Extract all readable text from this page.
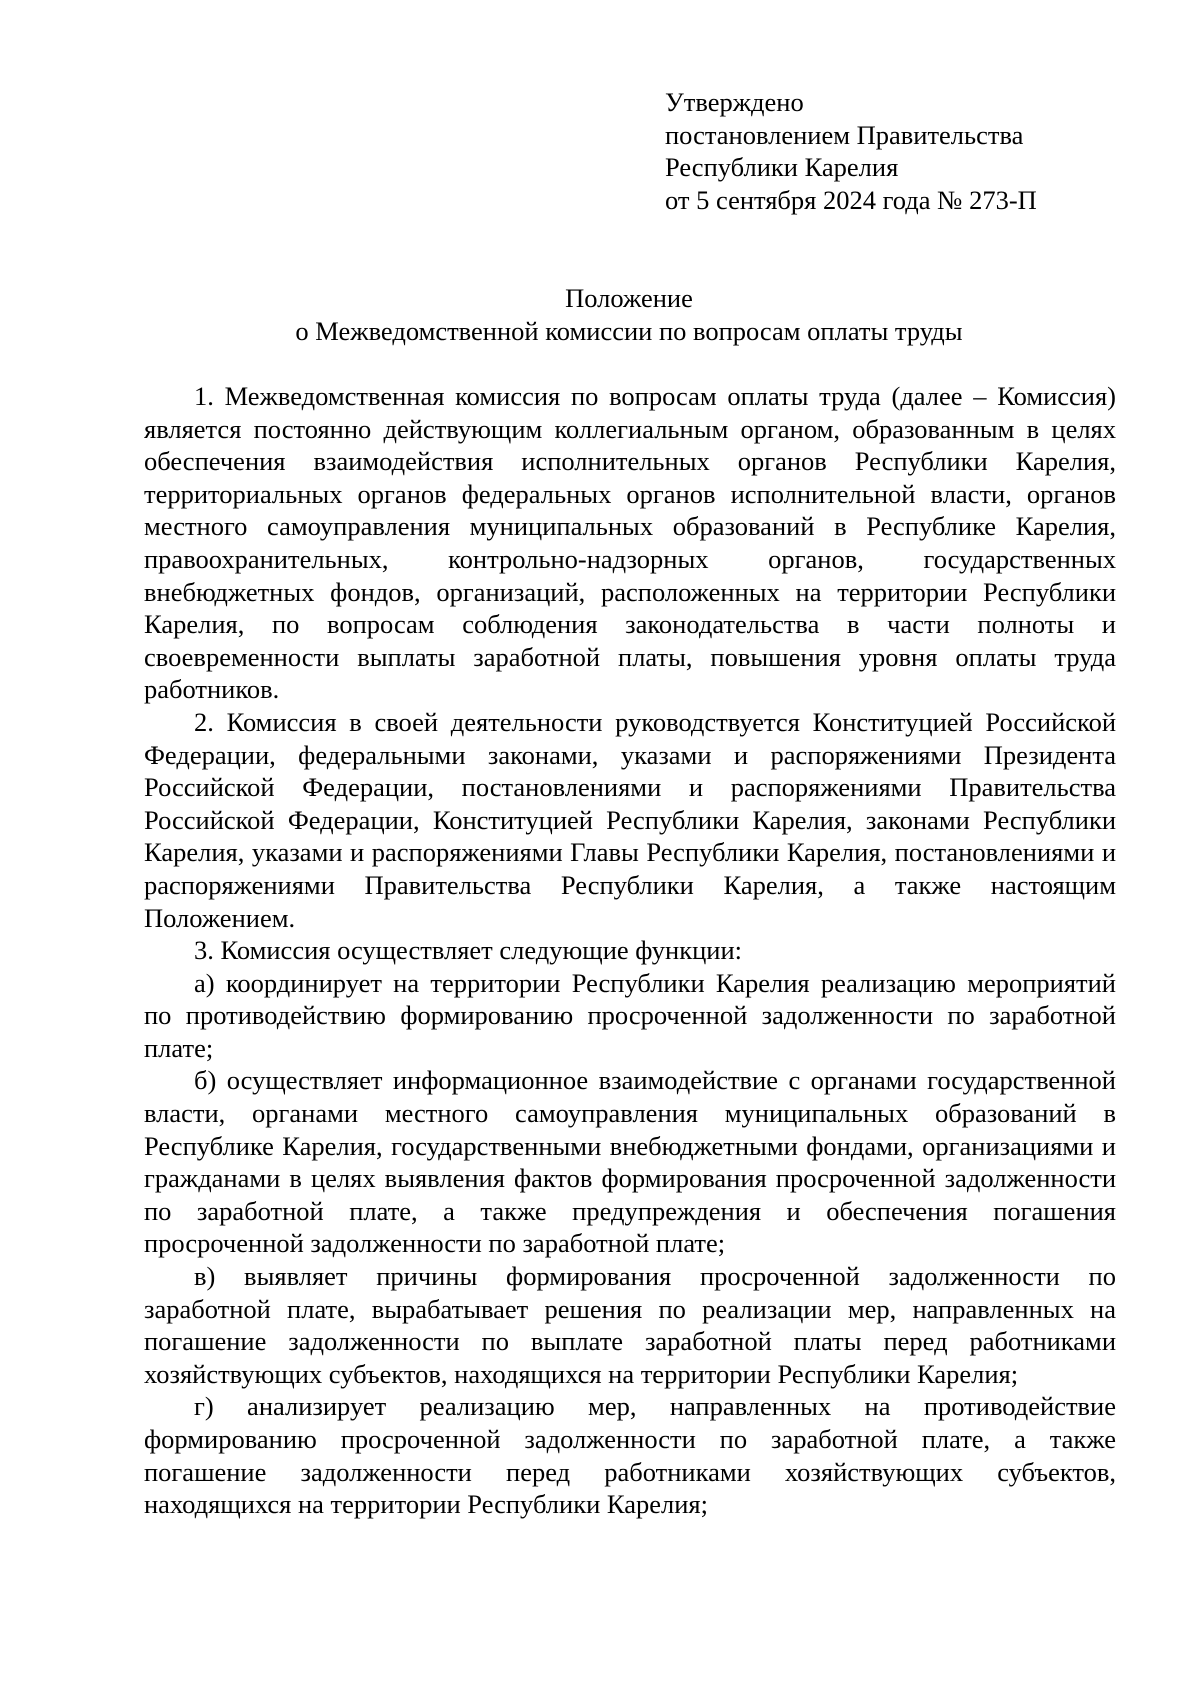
Утверждено
постановлением Правительства
Республики Карелия
от 5 сентября 2024 года № 273-П
Положение
о Межведомственной комиссии по вопросам оплаты труды

1. Межведомственная комиссия по вопросам оплаты труда (далее – Комиссия) является постоянно действующим коллегиальным органом, образованным в целях обеспечения взаимодействия исполнительных органов Республики Карелия, территориальных органов федеральных органов исполнительной власти, органов местного самоуправления муниципальных образований в Республике Карелия, правоохранительных, контрольно-надзорных органов, государственных внебюджетных фондов, организаций, расположенных на территории Республики Карелия, по вопросам соблюдения законодательства в части полноты и своевременности выплаты заработной платы, повышения уровня оплаты труда работников.

2. Комиссия в своей деятельности руководствуется Конституцией Российской Федерации, федеральными законами, указами и распоряжениями Президента Российской Федерации, постановлениями и распоряжениями Правительства Российской Федерации, Конституцией Республики Карелия, законами Республики Карелия, указами и распоряжениями Главы Республики Карелия, постановлениями и распоряжениями Правительства Республики Карелия, а также настоящим Положением.

3. Комиссия осуществляет следующие функции:

а) координирует на территории Республики Карелия реализацию мероприятий по противодействию формированию просроченной задолженности по заработной плате;

б) осуществляет информационное взаимодействие с органами государственной власти, органами местного самоуправления муниципальных образований в Республике Карелия, государственными внебюджетными фондами, организациями и гражданами в целях выявления фактов формирования просроченной задолженности по заработной плате, а также предупреждения и обеспечения погашения просроченной задолженности по заработной плате;

в) выявляет причины формирования просроченной задолженности по заработной плате, вырабатывает решения по реализации мер, направленных на погашение задолженности по выплате заработной платы перед работниками хозяйствующих субъектов, находящихся на территории Республики Карелия;

г) анализирует реализацию мер, направленных на противодействие формированию просроченной задолженности по заработной плате, а также погашение задолженности перед работниками хозяйствующих субъектов, находящихся на территории Республики Карелия;
